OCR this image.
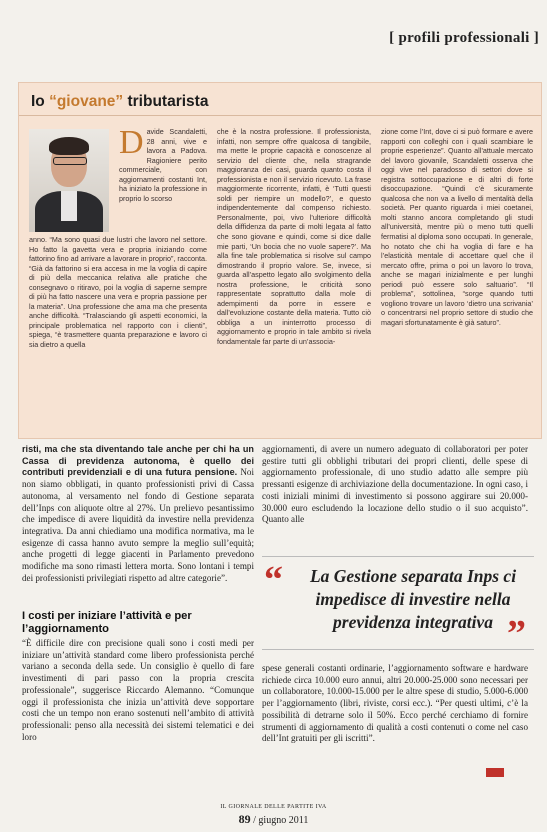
[ profili professionali ]
Io “giovane” tributarista
Davide Scandaletti, 28 anni, vive e lavora a Padova. Ragioniere perito commerciale, con aggiornamenti costanti Int, ha iniziato la professione in proprio lo scorso
anno. “Ma sono quasi due lustri che lavoro nel settore. Ho fatto la gavetta vera e propria iniziando come fattorino fino ad arrivare a lavorare in proprio”, racconta. “Già da fattorino si era accesa in me la voglia di capire di più della meccanica relativa alle pratiche che consegnavo o ritiravo, poi la voglia di saperne sempre di più ha fatto nascere una vera e propria passione per la materia”. Una professione che ama ma che presenta anche difficoltà. “Tralasciando gli aspetti economici, la principale problematica nel rapporto con i clienti”, spiega, “è trasmettere quanta preparazione e lavoro ci sia dietro a quella
che è la nostra professione. Il professionista, infatti, non sempre offre qualcosa di tangibile, ma mette le proprie capacità e conoscenze al servizio del cliente che, nella stragrande maggioranza dei casi, guarda quanto costa il professionista e non il servizio ricevuto. La frase maggiormente ricorrente, infatti, è ‘Tutti questi soldi per riempire un modello?’, e questo indipendentemente dal compenso richiesto. Personalmente, poi, vivo l’ulteriore difficoltà della diffidenza da parte di molti legata al fatto che sono giovane e quindi, come si dice dalle mie parti, ‘Un bocia che no vuole sapere?’. Ma alla fine tale problematica si risolve sul campo dimostrando il proprio valore. Se, invece, si guarda all’aspetto legato allo svolgimento della nostra professione, le criticità sono rappresentate soprattutto dalla mole di adempimenti da porre in essere e dall’evoluzione costante della materia. Tutto ciò obbliga a un ininterrotto processo di aggiornamento e proprio in tale ambito si rivela fondamentale far parte di un’associa-
zione come l’Int, dove ci si può formare e avere rapporti con colleghi con i quali scambiare le proprie esperienze”. Quanto all’attuale mercato del lavoro giovanile, Scandaletti osserva che oggi vive nel paradosso di settori dove si registra sottoccupazione e di altri di forte disoccupazione. “Quindi c’è sicuramente qualcosa che non va a livello di mentalità della società. Per quanto riguarda i miei coetanei, molti stanno ancora completando gli studi all’università, mentre più o meno tutti quelli fermatisi al diploma sono occupati. In generale, ho notato che chi ha voglia di fare e ha l’elasticità mentale di accettare quel che il mercato offre, prima o poi un lavoro lo trova, anche se magari inizialmente e per lunghi periodi può essere solo saltuario”. “Il problema”, sottolinea, “sorge quando tutti vogliono trovare un lavoro ‘dietro una scrivania’ o concentrarsi nel proprio settore di studio che magari sfortunatamente è già saturo”.
risti, ma che sta diventando tale anche per chi ha un Cassa di previdenza autonoma, è quello dei contributi previdenziali e di una futura pensione. Noi non siamo obbligati, in quanto professionisti privi di Cassa autonoma, al versamento nel fondo di Gestione separata dell’Inps con aliquote oltre al 27%. Un prelievo pesantissimo che impedisce di avere liquidità da investire nella previdenza integrativa. Da anni chiediamo una modifica normativa, ma le esigenze di cassa hanno avuto sempre la meglio sull’equità; anche progetti di legge giacenti in Parlamento prevedono modifiche ma sono rimasti lettera morta. Sono lontani i tempi dei professionisti privilegiati rispetto ad altre categorie”.
I costi per iniziare l’attività e per l’aggiornamento
“È difficile dire con precisione quali sono i costi medi per iniziare un’attività standard come libero professionista perché variano a seconda della sede. Un consiglio è quello di fare investimenti di pari passo con la propria crescita professionale”, suggerisce Riccardo Alemanno. “Comunque oggi il professionista che inizia un’attività deve sopportare costi che un tempo non erano sostenuti nell’ambito di attività professionali: penso alla necessità dei sistemi telematici e dei loro
aggiornamenti, di avere un numero adeguato di collaboratori per poter gestire tutti gli obblighi tributari dei propri clienti, delle spese di aggiornamento professionale, di uno studio adatto alle sempre più pressanti esigenze di archiviazione della documentazione. In ogni caso, i costi iniziali minimi di investimento si possono aggirare sui 20.000-30.000 euro escludendo la locazione dello studio o il suo acquisto”. Quanto alle
“	La Gestione separata Inps ci impedisce di investire nella previdenza integrativa ”
spese generali costanti ordinarie, l’aggiornamento software e hardware richiede circa 10.000 euro annui, altri 20.000-25.000 sono necessari per un collaboratore, 10.000-15.000 per le altre spese di studio, 5.000-6.000 per l’aggiornamento (libri, riviste, corsi ecc.). “Per questi ultimi, c’è la possibilità di detrarne solo il 50%. Ecco perché cerchiamo di fornire strumenti di aggiornamento di qualità a costi contenuti o come nel caso dell’Int gratuiti per gli iscritti”.
IL GIORNALE DELLE PARTITE IVA
89 / giugno 2011
